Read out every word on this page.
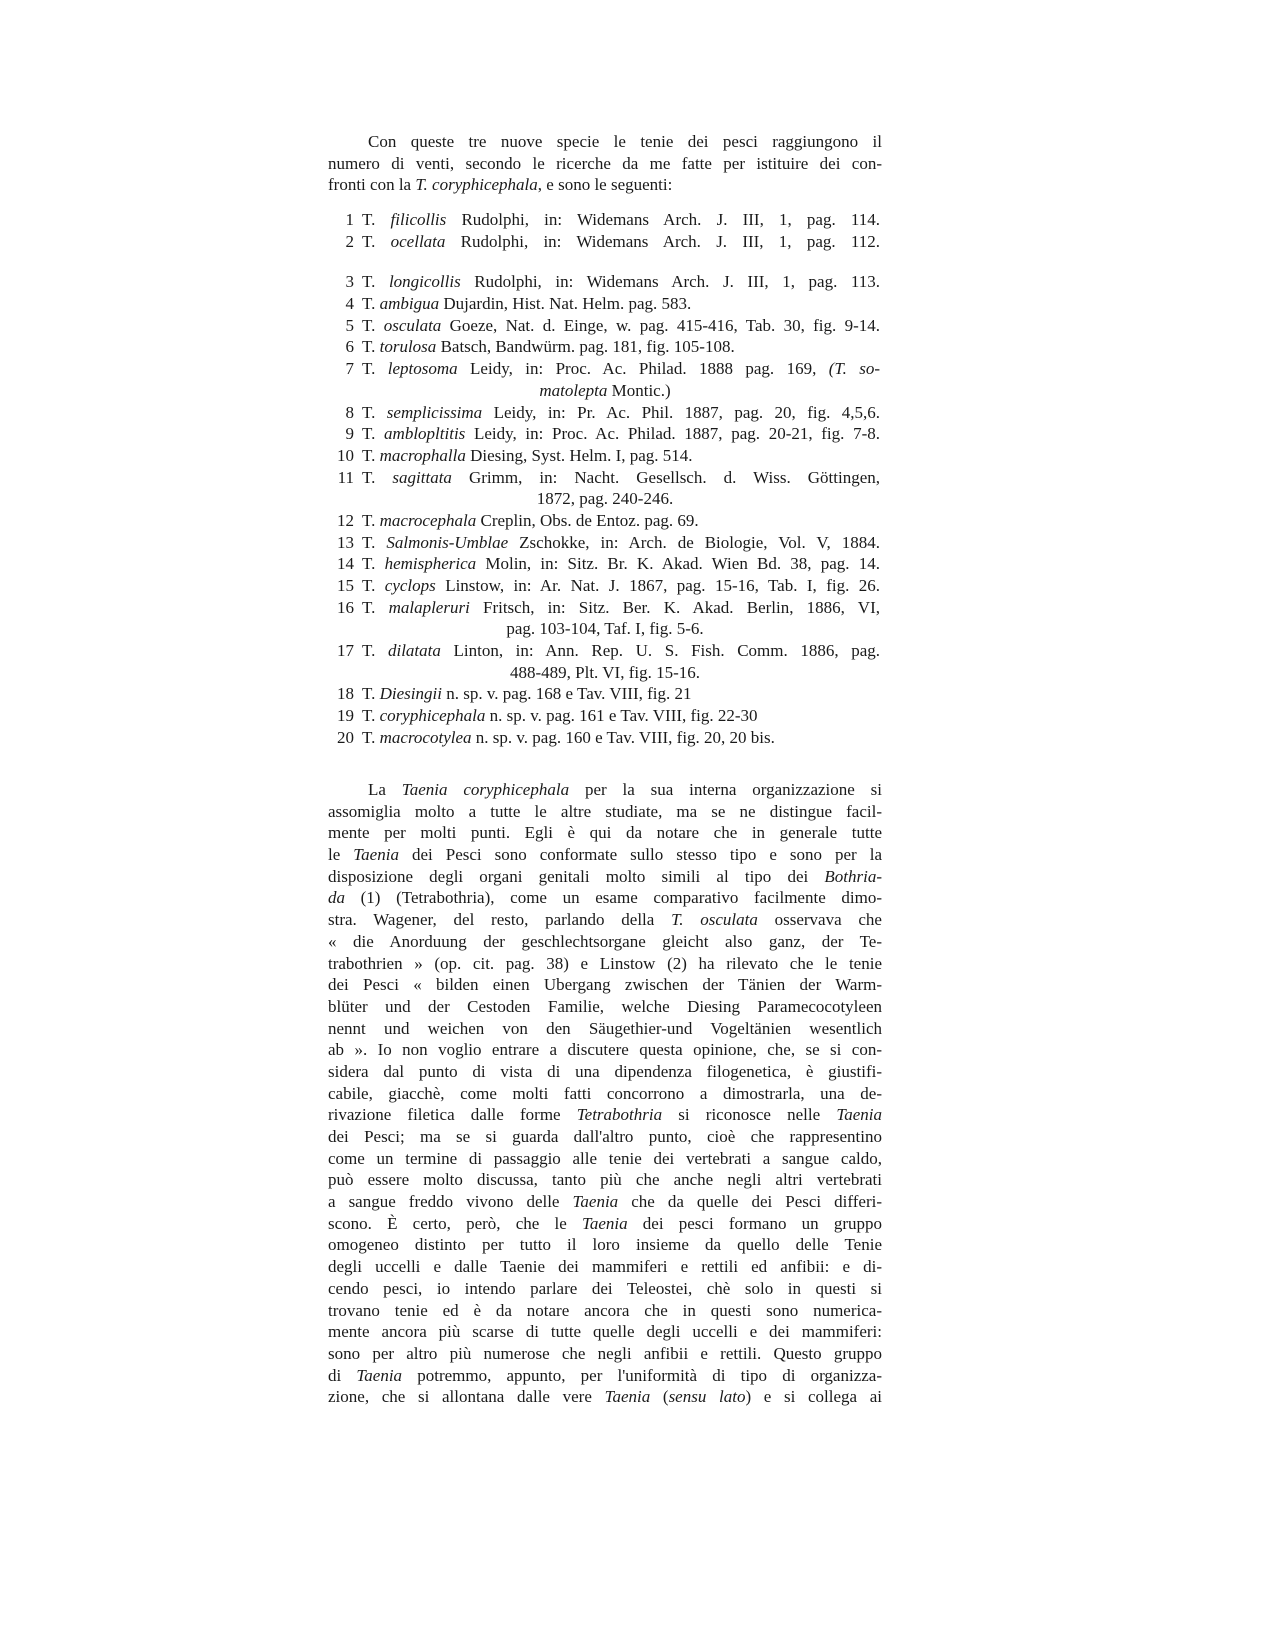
Con queste tre nuove specie le tenie dei pesci raggiungono il
numero di venti, secondo le ricerche da me fatte per istituire dei con-
fronti con la T. coryphicephala, e sono le seguenti:
1 T. filicollis Rudolphi, in: Widemans Arch. J. III, 1, pag. 114.
2 T. ocellata Rudolphi, in: Widemans Arch. J. III, 1, pag. 112.
3 T. longicollis Rudolphi, in: Widemans Arch. J. III, 1, pag. 113.
4 T. ambigua Dujardin, Hist. Nat. Helm. pag. 583.
5 T. osculata Goeze, Nat. d. Einge, w. pag. 415-416, Tab. 30, fig. 9-14.
6 T. torulosa Batsch, Bandwürm. pag. 181, fig. 105-108.
7 T. leptosoma Leidy, in: Proc. Ac. Philad. 1888 pag. 169, (T. so-
matolepta Montic.)
8 T. semplicissima Leidy, in: Pr. Ac. Phil. 1887, pag. 20, fig. 4,5,6.
9 T. amblopltitis Leidy, in: Proc. Ac. Philad. 1887, pag. 20-21, fig. 7-8.
10 T. macrophalla Diesing, Syst. Helm. I, pag. 514.
11 T. sagittata Grimm, in: Nacht. Gesellsch. d. Wiss. Göttingen,
1872, pag. 240-246.
12 T. macrocephala Creplin, Obs. de Entoz. pag. 69.
13 T. Salmonis-Umblae Zschokke, in: Arch. de Biologie, Vol. V, 1884.
14 T. hemispherica Molin, in: Sitz. Br. K. Akad. Wien Bd. 38, pag. 14.
15 T. cyclops Linstow, in: Ar. Nat. J. 1867, pag. 15-16, Tab. I, fig. 26.
16 T. malapleruri Fritsch, in: Sitz. Ber. K. Akad. Berlin, 1886, VI,
pag. 103-104, Taf. I, fig. 5-6.
17 T. dilatata Linton, in: Ann. Rep. U. S. Fish. Comm. 1886, pag.
488-489, Plt. VI, fig. 15-16.
18 T. Diesingii n. sp. v. pag. 168 e Tav. VIII, fig. 21
19 T. coryphicephala n. sp. v. pag. 161 e Tav. VIII, fig. 22-30
20 T. macrocotylea n. sp. v. pag. 160 e Tav. VIII, fig. 20, 20 bis.
La Taenia coryphicephala per la sua interna organizzazione si
assomiglia molto a tutte le altre studiate, ma se ne distingue facil-
mente per molti punti. Egli è qui da notare che in generale tutte
le Taenia dei Pesci sono conformate sullo stesso tipo e sono per la
disposizione degli organi genitali molto simili al tipo dei Bothria-
da (1) (Tetrabothria), come un esame comparativo facilmente dimo-
stra. Wagener, del resto, parlando della T. osculata osservava che
« die Anorduung der geschlechtsorgane gleicht also ganz, der Te-
trabothrien » (op. cit. pag. 38) e Linstow (2) ha rilevato che le tenie
dei Pesci « bilden einen Ubergang zwischen der Tänien der Warm-
blüter und der Cestoden Familie, welche Diesing Paramecocotyleen
nennt und weichen von den Säugethier-und Vogeltänien wesentlich
ab ». Io non voglio entrare a discutere questa opinione, che, se si con-
sidera dal punto di vista di una dipendenza filogenetica, è giustifi-
cabile, giacchè, come molti fatti concorrono a dimostrarla, una de-
rivazione filetica dalle forme Tetrabothria si riconosce nelle Taenia
dei Pesci; ma se si guarda dall'altro punto, cioè che rappresentino
come un termine di passaggio alle tenie dei vertebrati a sangue caldo,
può essere molto discussa, tanto più che anche negli altri vertebrati
a sangue freddo vivono delle Taenia che da quelle dei Pesci differi-
scono. È certo, però, che le Taenia dei pesci formano un gruppo
omogeneo distinto per tutto il loro insieme da quello delle Tenie
degli uccelli e dalle Taenie dei mammiferi e rettili ed anfibii: e di-
cendo pesci, io intendo parlare dei Teleostei, chè solo in questi si
trovano tenie ed è da notare ancora che in questi sono numerica-
mente ancora più scarse di tutte quelle degli uccelli e dei mammiferi:
sono per altro più numerose che negli anfibii e rettili. Questo gruppo
di Taenia potremmo, appunto, per l'uniformità di tipo di organizza-
zione, che si allontana dalle vere Taenia (sensu lato) e si collega ai
